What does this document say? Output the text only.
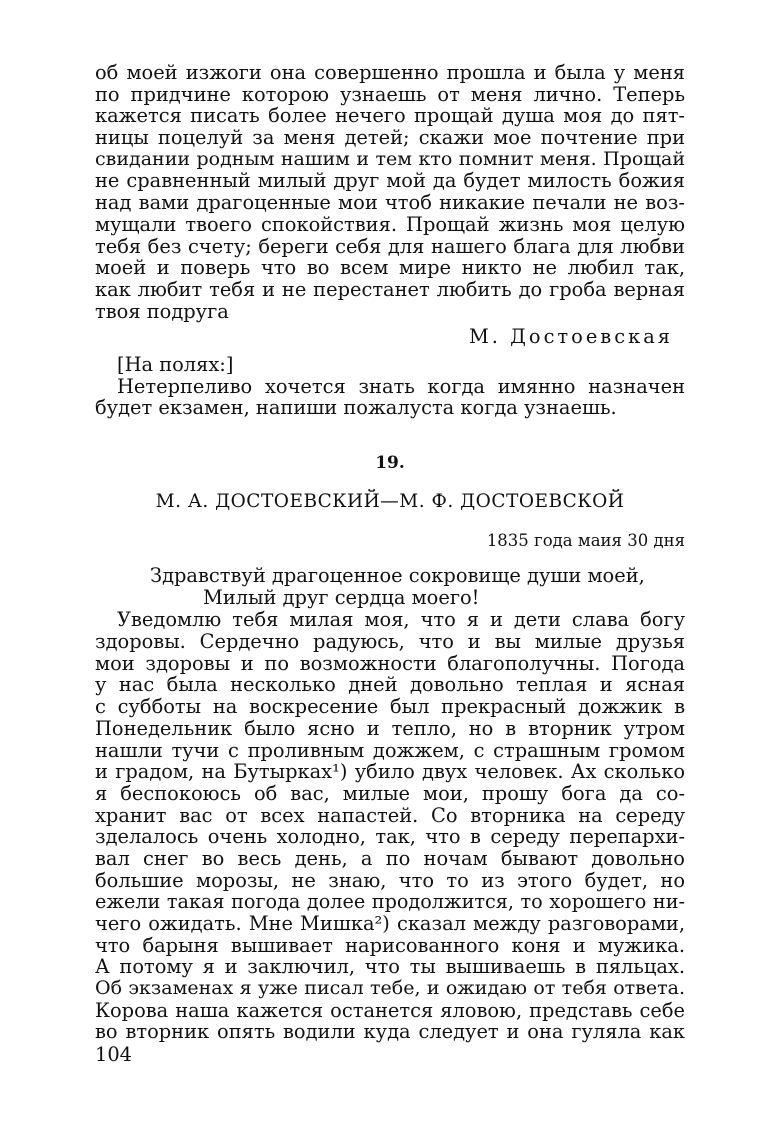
об моей изжоги она совершенно прошла и была у меня
по придчине которою узнаешь от меня лично. Теперь
кажется писать более нечего прощай душа моя до пят-
ницы поцелуй за меня детей; скажи мое почтение при
свидании родным нашим и тем кто помнит меня. Прощай
не сравненный милый друг мой да будет милость божия
над вами драгоценные мои чтоб никакие печали не воз-
мущали твоего спокойствия. Прощай жизнь моя целую
тебя без счету; береги себя для нашего блага для любви
моей и поверь что во всем мире никто не любил так,
как любит тебя и не перестанет любить до гроба верная
твоя подруга
М. Достоевская
[На полях:]
Нетерпеливо хочется знать когда имянно назначен
будет екзамен, напиши пожалуста когда узнаешь.
19.
М. А. ДОСТОЕВСКИЙ—М. Ф. ДОСТОЕВСКОЙ
1835 года маия 30 дня
Здравствуй драгоценное сокровище души моей,
Милый друг сердца моего!
Уведомлю тебя милая моя, что я и дети слава богу
здоровы. Сердечно радуюсь, что и вы милые друзья
мои здоровы и по возможности благополучны. Погода
у нас была несколько дней довольно теплая и ясная
с субботы на воскресение был прекрасный дожжик в
Понедельник было ясно и тепло, но в вторник утром
нашли тучи с проливным дожжем, с страшным громом
и градом, на Бутырках¹) убило двух человек. Ах сколько
я беспокоюсь об вас, милые мои, прошу бога да со-
хранит вас от всех напастей. Со вторника на середу
зделалось очень холодно, так, что в середу перепархи-
вал снег во весь день, а по ночам бывают довольно
большие морозы, не знаю, что то из этого будет, но
ежели такая погода долее продолжится, то хорошего ни-
чего ожидать. Мне Мишка²) сказал между разговорами,
что барыня вышивает нарисованного коня и мужика.
А потому я и заключил, что ты вышиваешь в пяльцах.
Об экзаменах я уже писал тебе, и ожидаю от тебя ответа.
Корова наша кажется останется яловою, представь себе
во вторник опять водили куда следует и она гуляла как
104
